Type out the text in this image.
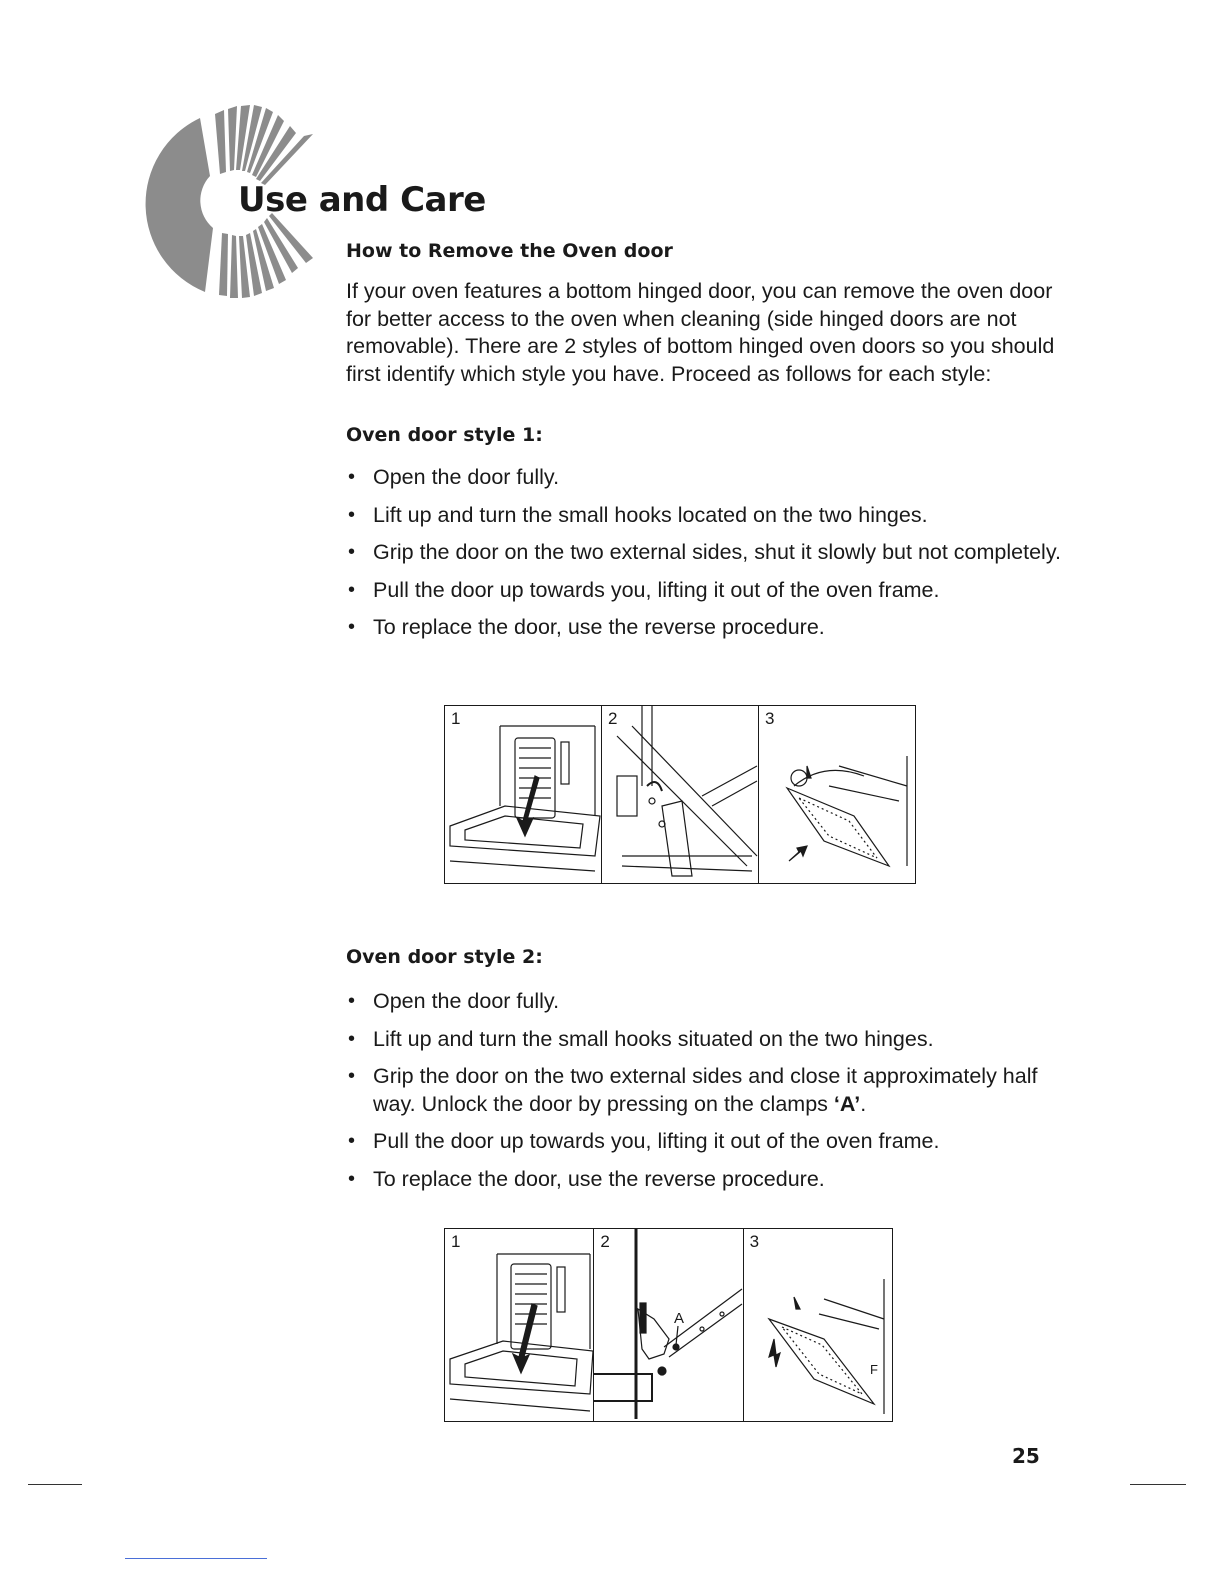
Use and Care
How to Remove the Oven door

If your oven features a bottom hinged door, you can remove the oven door for better access to the oven when cleaning (side hinged doors are not removable). There are 2 styles of bottom hinged oven doors so you should first identify which style you have. Proceed as follows for each style:

Oven door style 1:
• Open the door fully.
• Lift up and turn the small hooks located on the two hinges.
• Grip the door on the two external sides, shut it slowly but not completely.
• Pull the door up towards you, lifting it out of the oven frame.
• To replace the door, use the reverse procedure.
1	2	3
Oven door style 2:
• Open the door fully.
• Lift up and turn the small hooks situated on the two hinges.
• Grip the door on the two external sides and close it approximately half way. Unlock the door by pressing on the clamps ‘A’.
• Pull the door up towards you, lifting it out of the oven frame.
• To replace the door, use the reverse procedure.
1
A
2
F
3
25
